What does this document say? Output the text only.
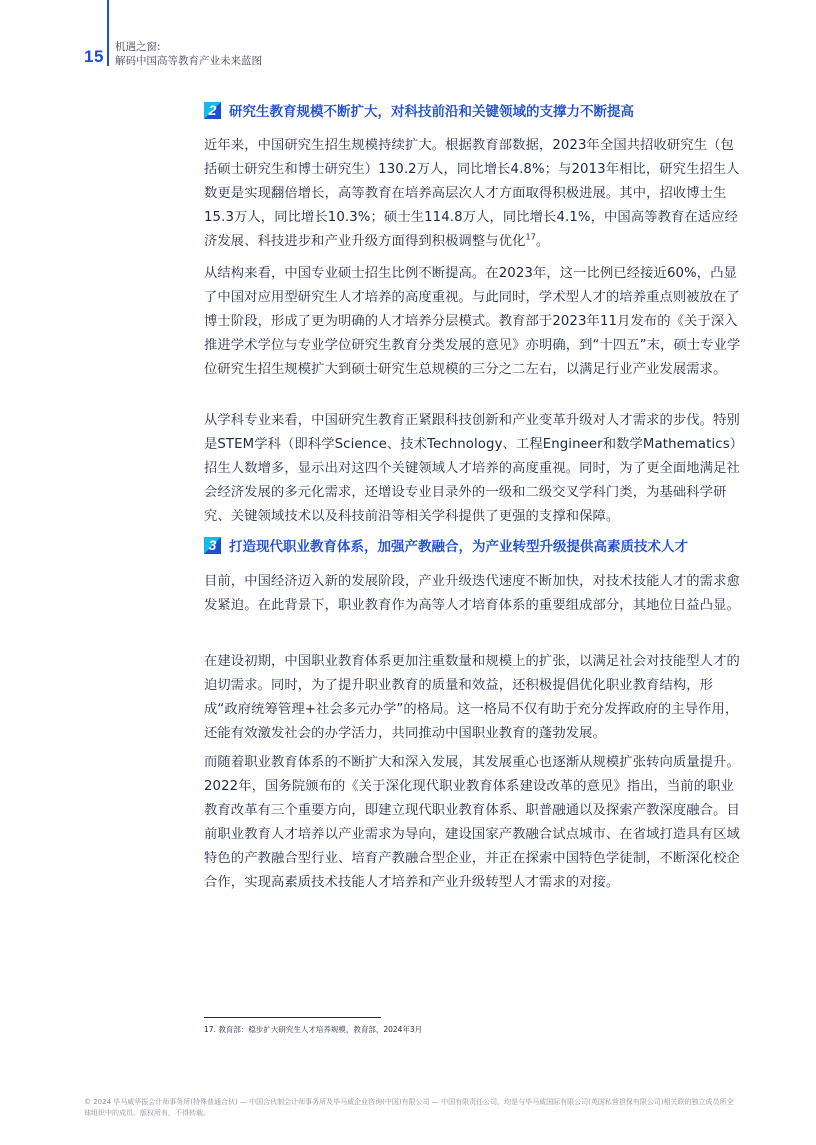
15 机遇之窗:
解码中国高等教育产业未来蓝图
2 研究生教育规模不断扩大，对科技前沿和关键领域的支撑力不断提高

近年来，中国研究生招生规模持续扩大。根据教育部数据，2023年全国共招收研究生（包括硕士研究生和博士研究生）130.2万人，同比增长4.8%；与2013年相比，研究生招生人数更是实现翻倍增长，高等教育在培养高层次人才方面取得积极进展。其中，招收博士生15.3万人，同比增长10.3%；硕士生114.8万人，同比增长4.1%，中国高等教育在适应经济发展、科技进步和产业升级方面得到积极调整与优化$^{17}$。

从结构来看，中国专业硕士招生比例不断提高。在2023年，这一比例已经接近60%，凸显了中国对应用型研究生人才培养的高度重视。与此同时，学术型人才的培养重点则被放在了博士阶段，形成了更为明确的人才培养分层模式。教育部于2023年11月发布的《关于深入推进学术学位与专业学位研究生教育分类发展的意见》亦明确，到“十四五”末，硕士专业学位研究生招生规模扩大到硕士研究生总规模的三分之二左右，以满足行业产业发展需求。

从学科专业来看，中国研究生教育正紧跟科技创新和产业变革升级对人才需求的步伐。特别是STEM学科（即科学Science、技术Technology、工程Engineer和数学Mathematics）招生人数增多，显示出对这四个关键领域人才培养的高度重视。同时，为了更全面地满足社会经济发展的多元化需求，还增设专业目录外的一级和二级交叉学科门类，为基础科学研究、关键领域技术以及科技前沿等相关学科提供了更强的支撑和保障。

3 打造现代职业教育体系，加强产教融合，为产业转型升级提供高素质技术人才

目前，中国经济迈入新的发展阶段，产业升级迭代速度不断加快，对技术技能人才的需求愈发紧迫。在此背景下，职业教育作为高等人才培育体系的重要组成部分，其地位日益凸显。

在建设初期，中国职业教育体系更加注重数量和规模上的扩张，以满足社会对技能型人才的迫切需求。同时，为了提升职业教育的质量和效益，还积极提倡优化职业教育结构，形成“政府统筹管理+社会多元办学”的格局。这一格局不仅有助于充分发挥政府的主导作用，还能有效激发社会的办学活力，共同推动中国职业教育的蓬勃发展。

而随着职业教育体系的不断扩大和深入发展，其发展重心也逐渐从规模扩张转向质量提升。2022年，国务院颁布的《关于深化现代职业教育体系建设改革的意见》指出，当前的职业教育改革有三个重要方向，即建立现代职业教育体系、职普融通以及探索产教深度融合。目前职业教育人才培养以产业需求为导向，建设国家产教融合试点城市、在省域打造具有区域特色的产教融合型行业、培育产教融合型企业，并正在探索中国特色学徒制，不断深化校企合作，实现高素质技术技能人才培养和产业升级转型人才需求的对接。

17. 教育部：稳步扩大研究生人才培养规模，教育部，2024年3月
© 2024 毕马威华振会计师事务所(特殊普通合伙) — 中国合伙制会计师事务所及毕马威企业咨询(中国)有限公司 — 中国有限责任公司，均是与毕马威国际有限公司(英国私营担保有限公司)相关联的独立成员所全球组织中的成员。版权所有，不得转载。
